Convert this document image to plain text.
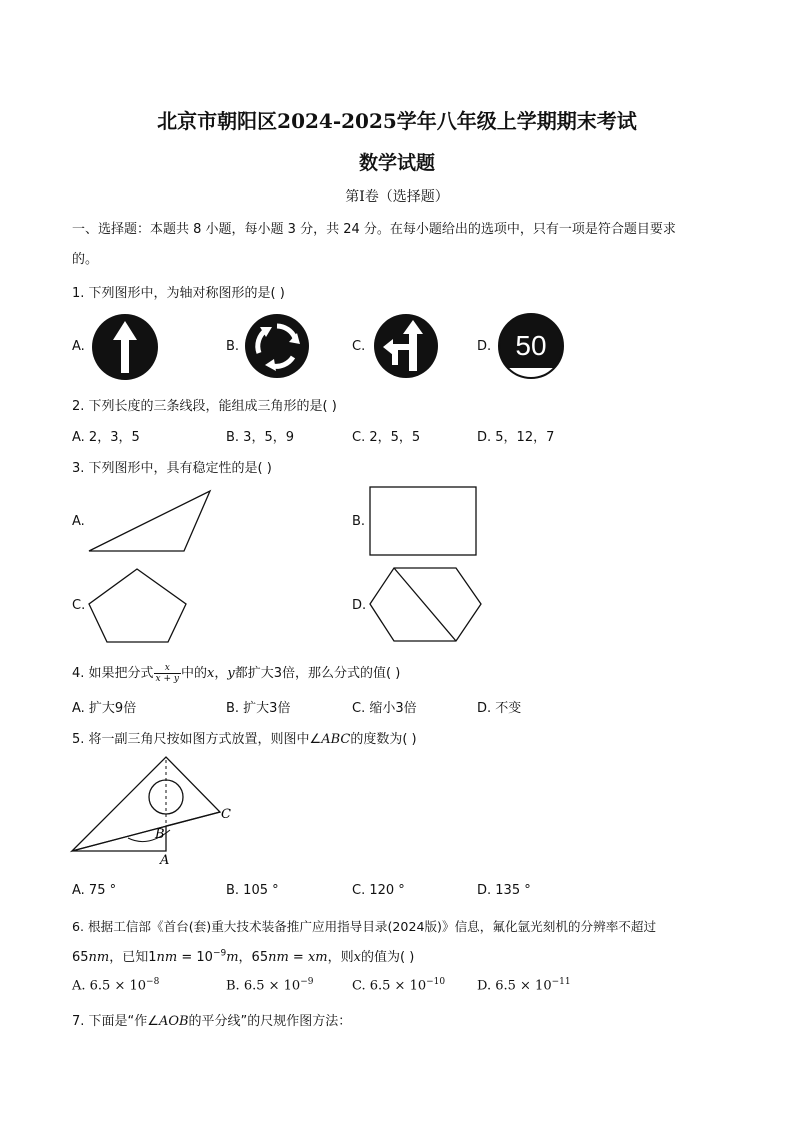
北京市朝阳区2024-2025学年八年级上学期期末考试
数学试题
第Ⅰ卷（选择题）
一、选择题：本题共 8 小题，每小题 3 分，共 24 分。在每小题给出的选项中，只有一项是符合题目要求
的。
1. 下列图形中，为轴对称图形的是( )
A.	B.	C.	D. 50
2. 下列长度的三条线段，能组成三角形的是( )
A. 2，3，5	B. 3，5，9	C. 2，5，5	D. 5，12，7
3. 下列图形中，具有稳定性的是( )
A.	B.
C.	D.
4. 如果把分式 $\frac{x}{x + y}$ 中的x，y都扩大3倍，那么分式的值( )
A. 扩大9倍	B. 扩大3倍	C. 缩小3倍	D. 不变
5. 将一副三角尺按如图方式放置，则图中∠ABC的度数为( )
B
C
A
A. 75 °	B. 105 °	C. 120 °	D. 135 °
6. 根据工信部《首台(套)重大技术装备推广应用指导目录(2024版)》信息，氟化氩光刻机的分辨率不超过
65nm，已知$1nm = 10^{-9}m$，65nm = xm，则x的值为( )
A. $6.5 \times 10^{-8}$	B. $6.5 \times 10^{-9}$	C. $6.5 \times 10^{-10}$ D. $6.5 \times 10^{-11}$
7. 下面是“作∠AOB的平分线”的尺规作图方法：
